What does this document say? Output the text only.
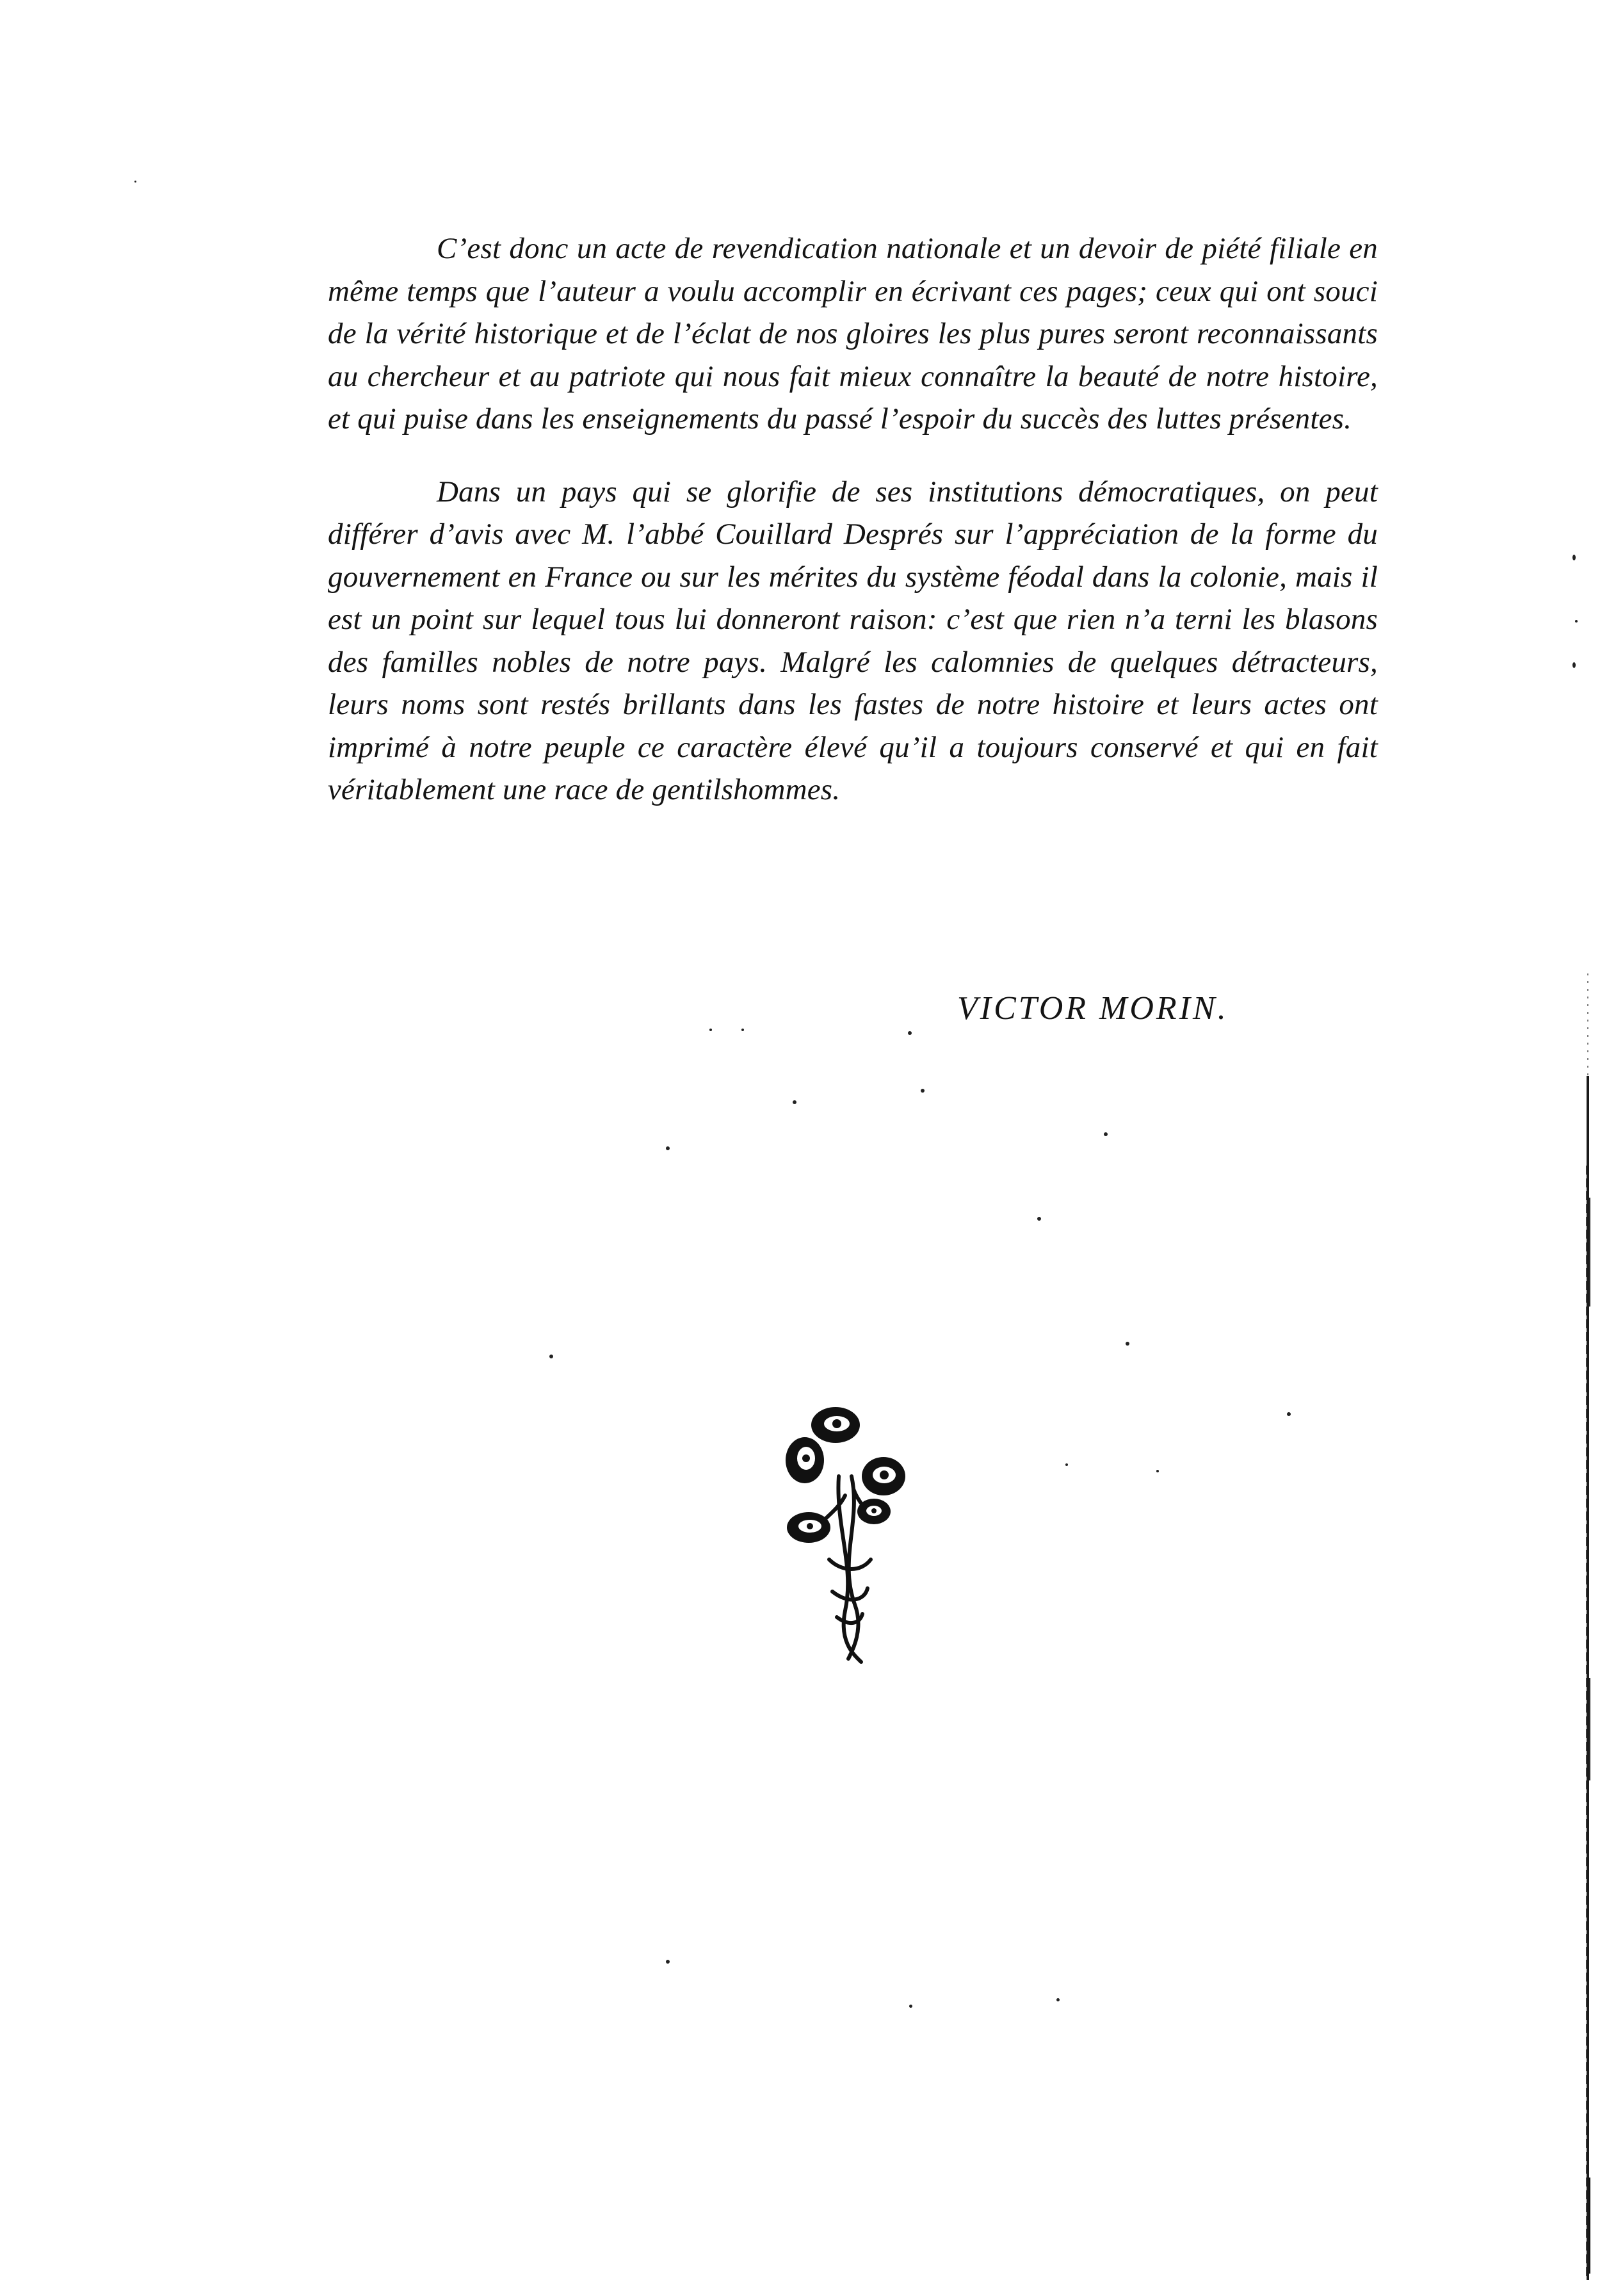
C’est donc un acte de revendication nationale et un devoir de piété filiale en même temps que l’auteur a voulu accomplir en écrivant ces pages; ceux qui ont souci de la vérité historique et de l’éclat de nos gloires les plus pures seront reconnaissants au chercheur et au patriote qui nous fait mieux connaître la beauté de notre histoire, et qui puise dans les enseignements du passé l’espoir du succès des luttes présentes.

Dans un pays qui se glorifie de ses institutions démocratiques, on peut différer d’avis avec M. l’abbé Couillard Després sur l’appréciation de la forme du gouvernement en France ou sur les mérites du système féodal dans la colonie, mais il est un point sur lequel tous lui donneront raison: c’est que rien n’a terni les blasons des familles nobles de notre pays. Malgré les calomnies de quelques détracteurs, leurs noms sont restés brillants dans les fastes de notre histoire et leurs actes ont imprimé à notre peuple ce caractère élevé qu’il a toujours conservé et qui en fait véritablement une race de gentilshommes.

VICTOR MORIN.
